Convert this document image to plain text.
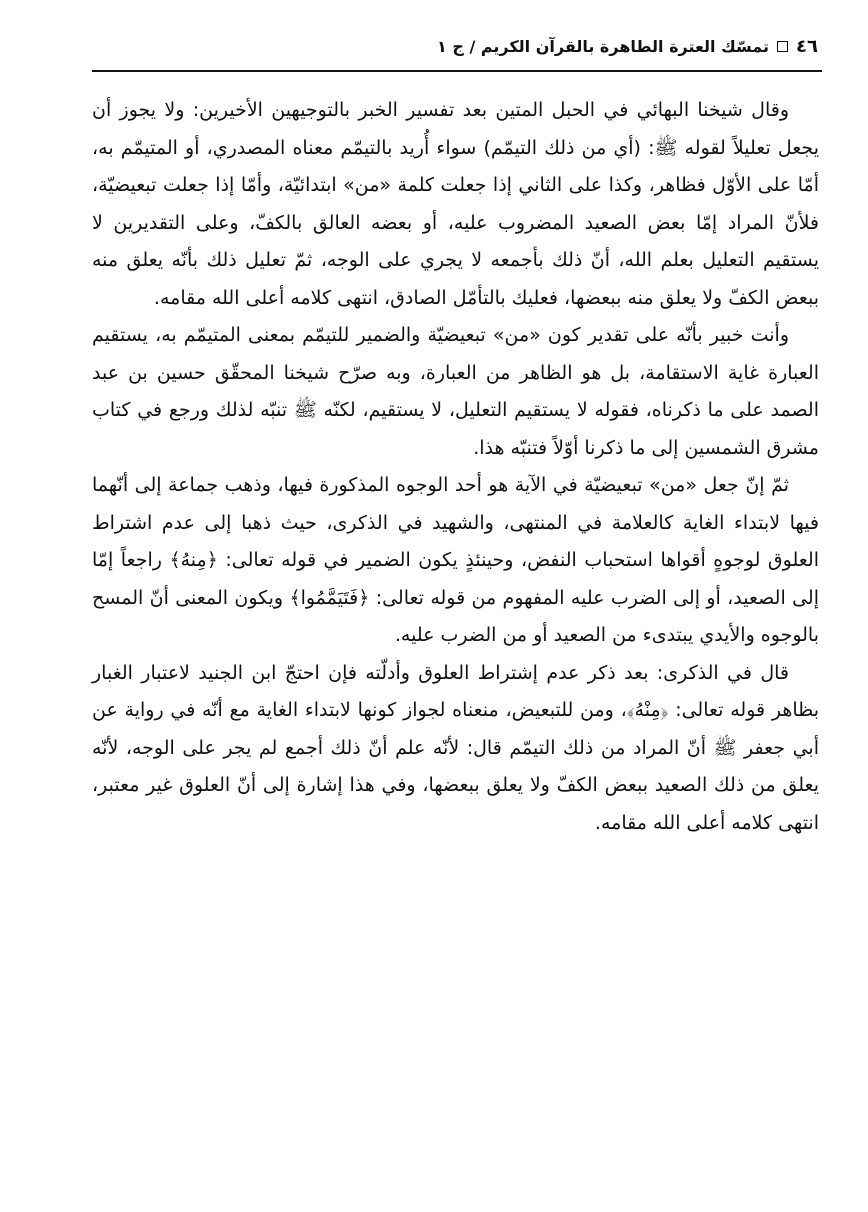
٤٦
تمسّك العترة الطاهرة بالقرآن الكريم / ج ١

وقال شيخنا البهائي في الحبل المتين بعد تفسير الخبر بالتوجيهين الأخيرين: ولا يجوز أن يجعل تعليلاً لقوله ﷺ: (أي من ذلك التيمّم) سواء أُريد بالتيمّم معناه المصدري، أو المتيمّم به، أمّا على الأوّل فظاهر، وكذا على الثاني إذا جعلت كلمة «من» ابتدائيّة، وأمّا إذا جعلت تبعيضيّة، فلأنّ المراد إمّا بعض الصعيد المضروب عليه، أو بعضه العالق بالكفّ، وعلى التقديرين لا يستقيم التعليل بعلم الله، أنّ ذلك بأجمعه لا يجري على الوجه، ثمّ تعليل ذلك بأنّه يعلق منه ببعض الكفّ ولا يعلق منه ببعضها، فعليك بالتأمّل الصادق، انتهى كلامه أعلى الله مقامه.

وأنت خبير بأنّه على تقدير كون «من» تبعيضيّة والضمير للتيمّم بمعنى المتيمّم به، يستقيم العبارة غاية الاستقامة، بل هو الظاهر من العبارة، وبه صرّح شيخنا المحقّق حسين بن عبد الصمد على ما ذكرناه، فقوله لا يستقيم التعليل، لا يستقيم، لكنّه ﷺ تنبّه لذلك ورجع في كتاب مشرق الشمسين إلى ما ذكرنا أوّلاً فتنبّه هذا.

ثمّ إنّ جعل «من» تبعيضيّة في الآية هو أحد الوجوه المذكورة فيها، وذهب جماعة إلى أنّهما فيها لابتداء الغاية كالعلامة في المنتهى، والشهيد في الذكرى، حيث ذهبا إلى عدم اشتراط العلوق لوجوهٍ أقواها استحباب النفض، وحينئذٍ يكون الضمير في قوله تعالى: ﴿مِنهُ﴾ راجعاً إمّا إلى الصعيد، أو إلى الضرب عليه المفهوم من قوله تعالى: ﴿فَتَيَمَّمُوا﴾ ويكون المعنى أنّ المسح بالوجوه والأيدي يبتدىء من الصعيد أو من الضرب عليه.

قال في الذكرى: بعد ذكر عدم إشتراط العلوق وأدلّته فإن احتجّ ابن الجنيد لاعتبار الغبار بظاهر قوله تعالى: ﴿مِنْهُ﴾، ومن للتبعيض، منعناه لجواز كونها لابتداء الغاية مع أنّه في رواية عن أبي جعفر ﷺ أنّ المراد من ذلك التيمّم قال: لأنّه علم أنّ ذلك أجمع لم يجر على الوجه، لأنّه يعلق من ذلك الصعيد ببعض الكفّ ولا يعلق ببعضها، وفي هذا إشارة إلى أنّ العلوق غير معتبر، انتهى كلامه أعلى الله مقامه.
